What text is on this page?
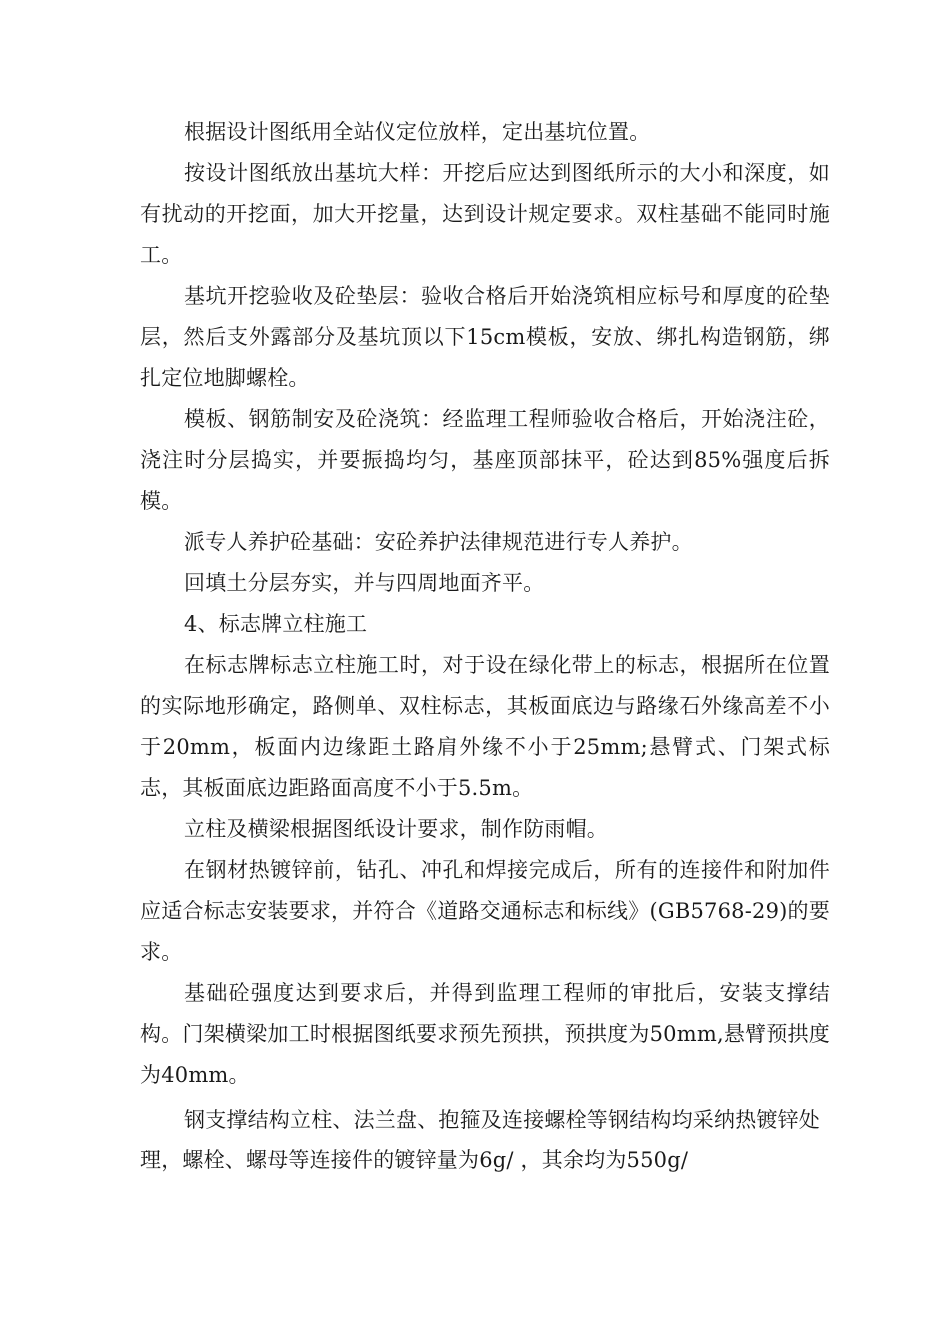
根据设计图纸用全站仪定位放样，定出基坑位置。

按设计图纸放出基坑大样：开挖后应达到图纸所示的大小和深度，如有扰动的开挖面，加大开挖量，达到设计规定要求。双柱基础不能同时施工。

基坑开挖验收及砼垫层：验收合格后开始浇筑相应标号和厚度的砼垫层，然后支外露部分及基坑顶以下15cm模板，安放、绑扎构造钢筋，绑扎定位地脚螺栓。

模板、钢筋制安及砼浇筑：经监理工程师验收合格后，开始浇注砼，浇注时分层捣实，并要振捣均匀，基座顶部抹平，砼达到85%强度后拆模。

派专人养护砼基础：安砼养护法律规范进行专人养护。

回填土分层夯实，并与四周地面齐平。

4、标志牌立柱施工

在标志牌标志立柱施工时，对于设在绿化带上的标志，根据所在位置的实际地形确定，路侧单、双柱标志，其板面底边与路缘石外缘高差不小于20mm，板面内边缘距土路肩外缘不小于25mm;悬臂式、门架式标志，其板面底边距路面高度不小于5.5m。

立柱及横梁根据图纸设计要求，制作防雨帽。

在钢材热镀锌前，钻孔、冲孔和焊接完成后，所有的连接件和附加件应适合标志安装要求，并符合《道路交通标志和标线》(GB5768-29)的要求。

基础砼强度达到要求后，并得到监理工程师的审批后，安装支撑结构。门架横梁加工时根据图纸要求预先预拱，预拱度为50mm,悬臂预拱度为40mm。

钢支撑结构立柱、法兰盘、抱箍及连接螺栓等钢结构均采纳热镀锌处理，螺栓、螺母等连接件的镀锌量为6g/ ，其余均为550g/
